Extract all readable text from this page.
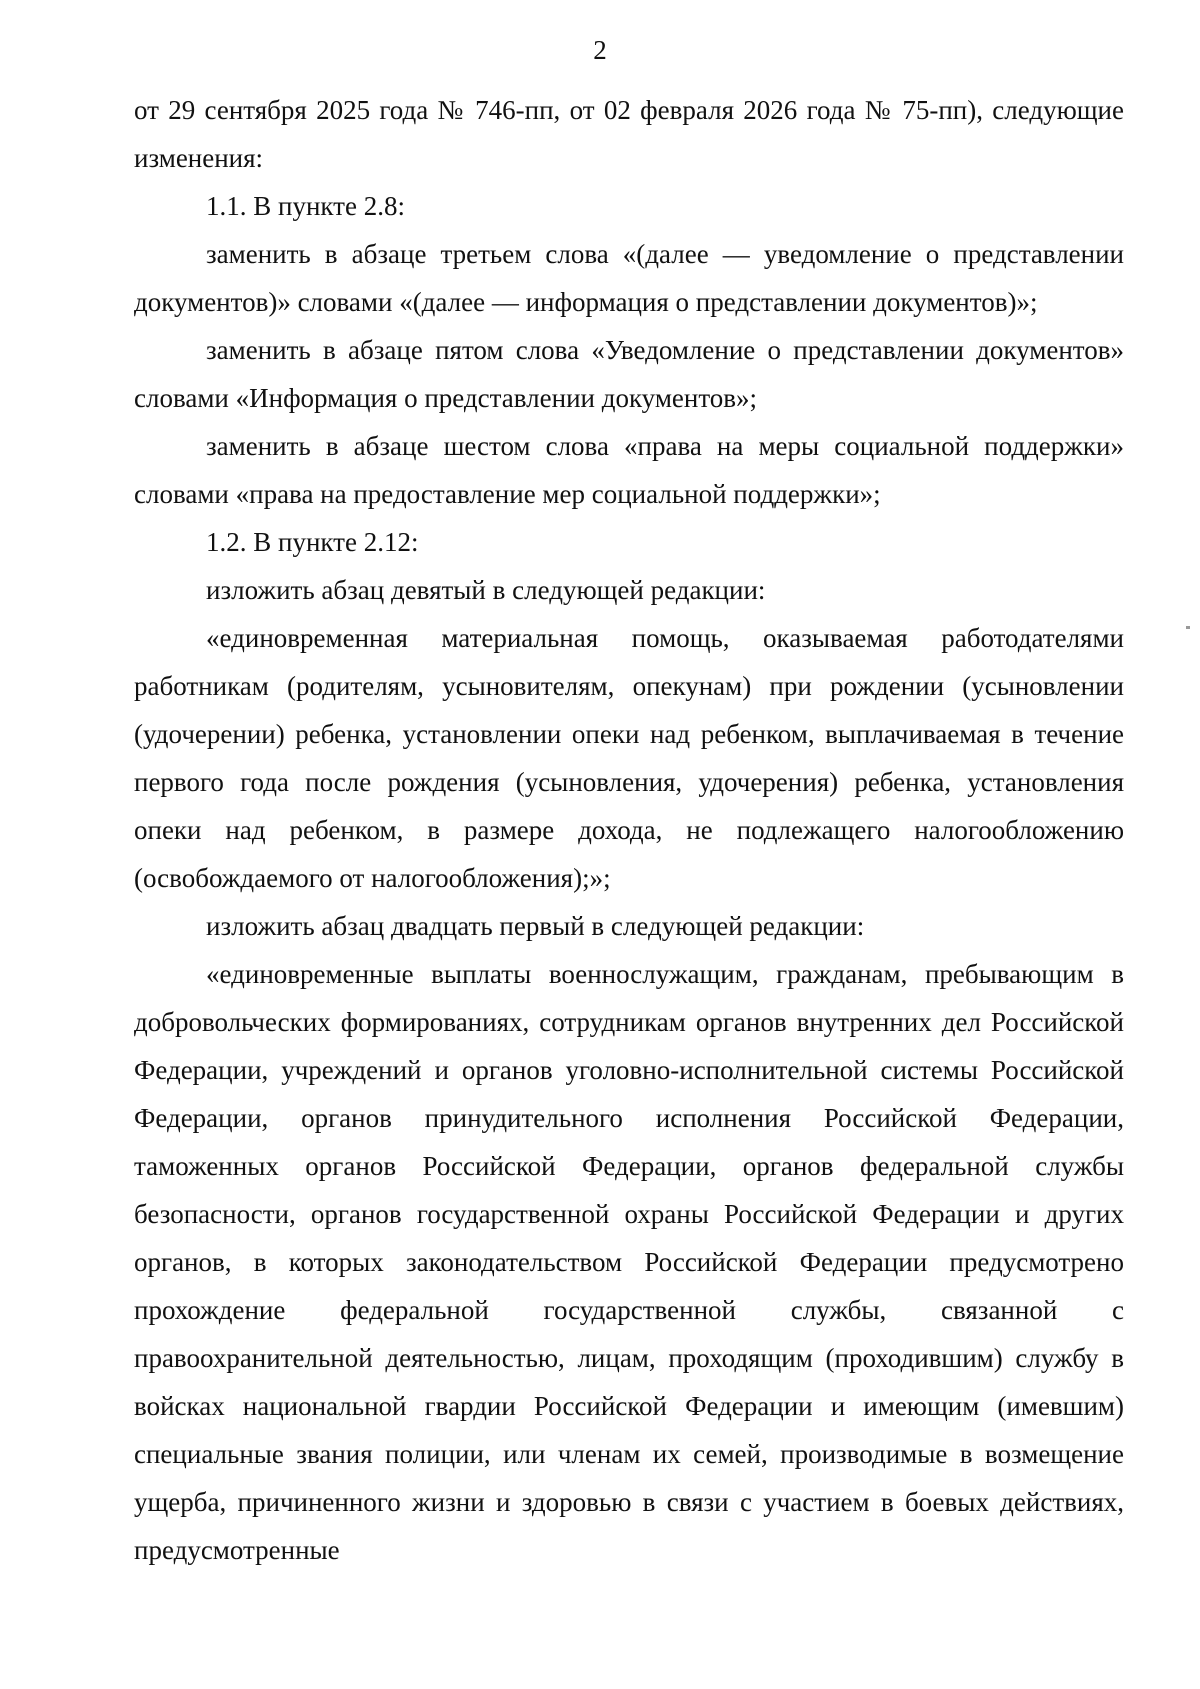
2

от 29 сентября 2025 года № 746-пп, от 02 февраля 2026 года № 75-пп), следующие изменения:

1.1. В пункте 2.8:

заменить в абзаце третьем слова «(далее — уведомление о представлении документов)» словами «(далее — информация о представлении документов)»;

заменить в абзаце пятом слова «Уведомление о представлении документов» словами «Информация о представлении документов»;

заменить в абзаце шестом слова «права на меры социальной поддержки» словами «права на предоставление мер социальной поддержки»;

1.2. В пункте 2.12:

изложить абзац девятый в следующей редакции:

«единовременная материальная помощь, оказываемая работодателями работникам (родителям, усыновителям, опекунам) при рождении (усыновлении (удочерении) ребенка, установлении опеки над ребенком, выплачиваемая в течение первого года после рождения (усыновления, удочерения) ребенка, установления опеки над ребенком, в размере дохода, не подлежащего налогообложению (освобождаемого от налогообложения);»;

изложить абзац двадцать первый в следующей редакции:

«единовременные выплаты военнослужащим, гражданам, пребывающим в добровольческих формированиях, сотрудникам органов внутренних дел Российской Федерации, учреждений и органов уголовно-исполнительной системы Российской Федерации, органов принудительного исполнения Российской Федерации, таможенных органов Российской Федерации, органов федеральной службы безопасности, органов государственной охраны Российской Федерации и других органов, в которых законодательством Российской Федерации предусмотрено прохождение федеральной государственной службы, связанной с правоохранительной деятельностью, лицам, проходящим (проходившим) службу в войсках национальной гвардии Российской Федерации и имеющим (имевшим) специальные звания полиции, или членам их семей, производимые в возмещение ущерба, причиненного жизни и здоровью в связи с участием в боевых действиях, предусмотренные
